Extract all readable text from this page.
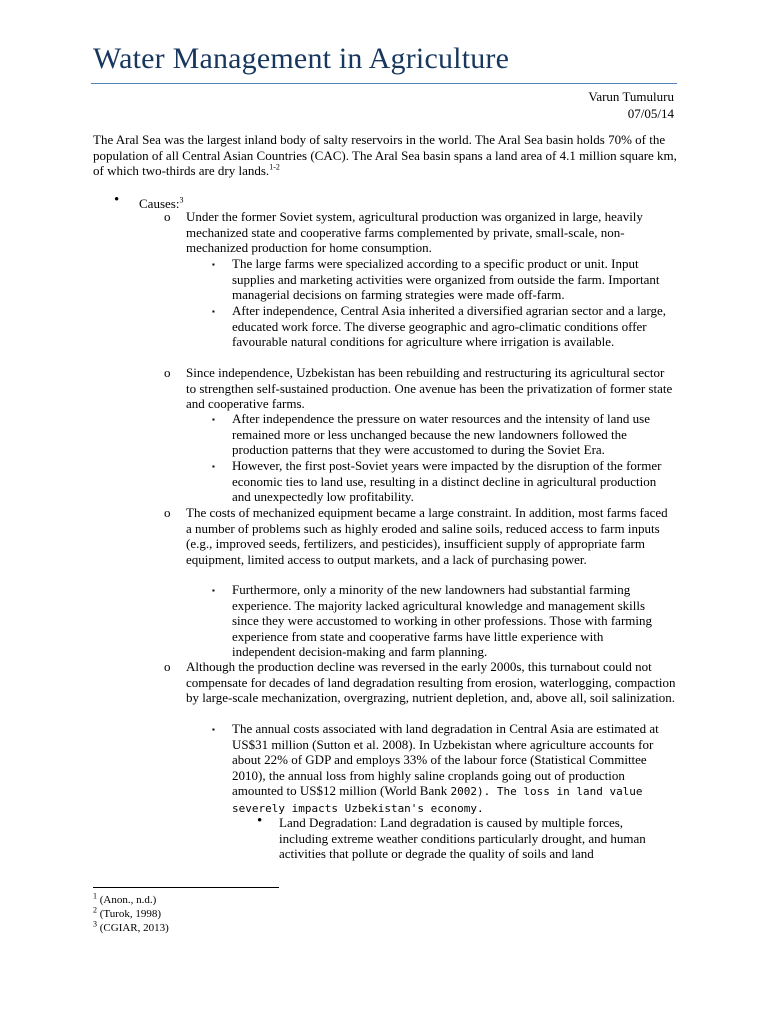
Water Management in Agriculture
Varun Tumuluru
07/05/14
The Aral Sea was the largest inland body of salty reservoirs in the world. The Aral Sea basin holds 70% of the population of all Central Asian Countries (CAC). The Aral Sea basin spans a land area of 4.1 million square km, of which two-thirds are dry lands.$^{1-2}$
• Causes:$^3$
o Under the former Soviet system, agricultural production was organized in large, heavily mechanized state and cooperative farms complemented by private, small-scale, non-mechanized production for home consumption.
▪ The large farms were specialized according to a specific product or unit. Input supplies and marketing activities were organized from outside the farm. Important managerial decisions on farming strategies were made off-farm.
▪ After independence, Central Asia inherited a diversified agrarian sector and a large, educated work force. The diverse geographic and agro-climatic conditions offer favourable natural conditions for agriculture where irrigation is available.
o Since independence, Uzbekistan has been rebuilding and restructuring its agricultural sector to strengthen self-sustained production. One avenue has been the privatization of former state and cooperative farms.
▪ After independence the pressure on water resources and the intensity of land use remained more or less unchanged because the new landowners followed the production patterns that they were accustomed to during the Soviet Era.
▪ However, the first post-Soviet years were impacted by the disruption of the former economic ties to land use, resulting in a distinct decline in agricultural production and unexpectedly low profitability.
o The costs of mechanized equipment became a large constraint. In addition, most farms faced a number of problems such as highly eroded and saline soils, reduced access to farm inputs (e.g., improved seeds, fertilizers, and pesticides), insufficient supply of appropriate farm equipment, limited access to output markets, and a lack of purchasing power.
▪ Furthermore, only a minority of the new landowners had substantial farming experience. The majority lacked agricultural knowledge and management skills since they were accustomed to working in other professions. Those with farming experience from state and cooperative farms have little experience with independent decision-making and farm planning.
o Although the production decline was reversed in the early 2000s, this turnabout could not compensate for decades of land degradation resulting from erosion, waterlogging, compaction by large-scale mechanization, overgrazing, nutrient depletion, and, above all, soil salinization.
▪ The annual costs associated with land degradation in Central Asia are estimated at US$31 million (Sutton et al. 2008). In Uzbekistan where agriculture accounts for about 22% of GDP and employs 33% of the labour force (Statistical Committee 2010), the annual loss from highly saline croplands going out of production amounted to US$12 million (World Bank 2002). The loss in land value severely impacts Uzbekistan's economy.
• Land Degradation: Land degradation is caused by multiple forces, including extreme weather conditions particularly drought, and human activities that pollute or degrade the quality of soils and land
$^1$ (Anon., n.d.)
$^2$ (Turok, 1998)
$^3$ (CGIAR, 2013)
